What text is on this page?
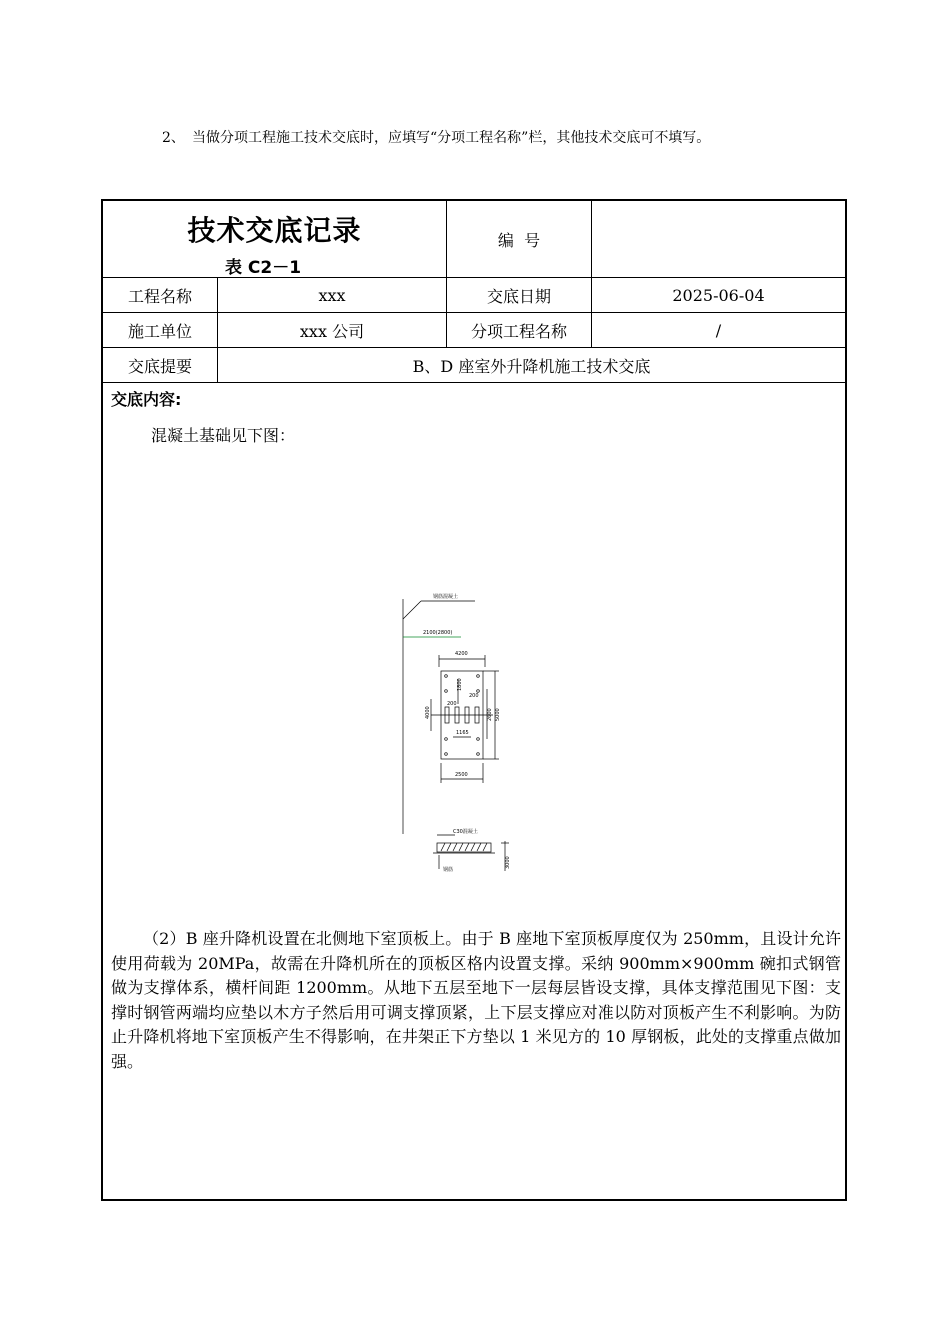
2、 当做分项工程施工技术交底时，应填写“分项工程名称”栏，其他技术交底可不填写。
技术交底记录
表 C2－1
编  号
工程名称	xxx	交底日期	2025-06-04
施工单位	xxx 公司	分项工程名称	/
交底提要	B、D 座室外升降机施工技术交底
交底内容:
混凝土基础见下图：
钢筋混凝土
2100(2800)
4200
1800
200
200
4000	2600 5000
1165
2500
C30混凝土
钢筋
3000
（2）B 座升降机设置在北侧地下室顶板上。由于 B 座地下室顶板厚度仅为 250mm，且设计允许使用荷载为 20MPa，故需在升降机所在的顶板区格内设置支撑。采纳 900mm×900mm 碗扣式钢管做为支撑体系，横杆间距 1200mm。从地下五层至地下一层每层皆设支撑，具体支撑范围见下图：支撑时钢管两端均应垫以木方子然后用可调支撑顶紧，上下层支撑应对准以防对顶板产生不利影响。为防止升降机将地下室顶板产生不得影响，在井架正下方垫以 1 米见方的 10 厚钢板，此处的支撑重点做加强。
